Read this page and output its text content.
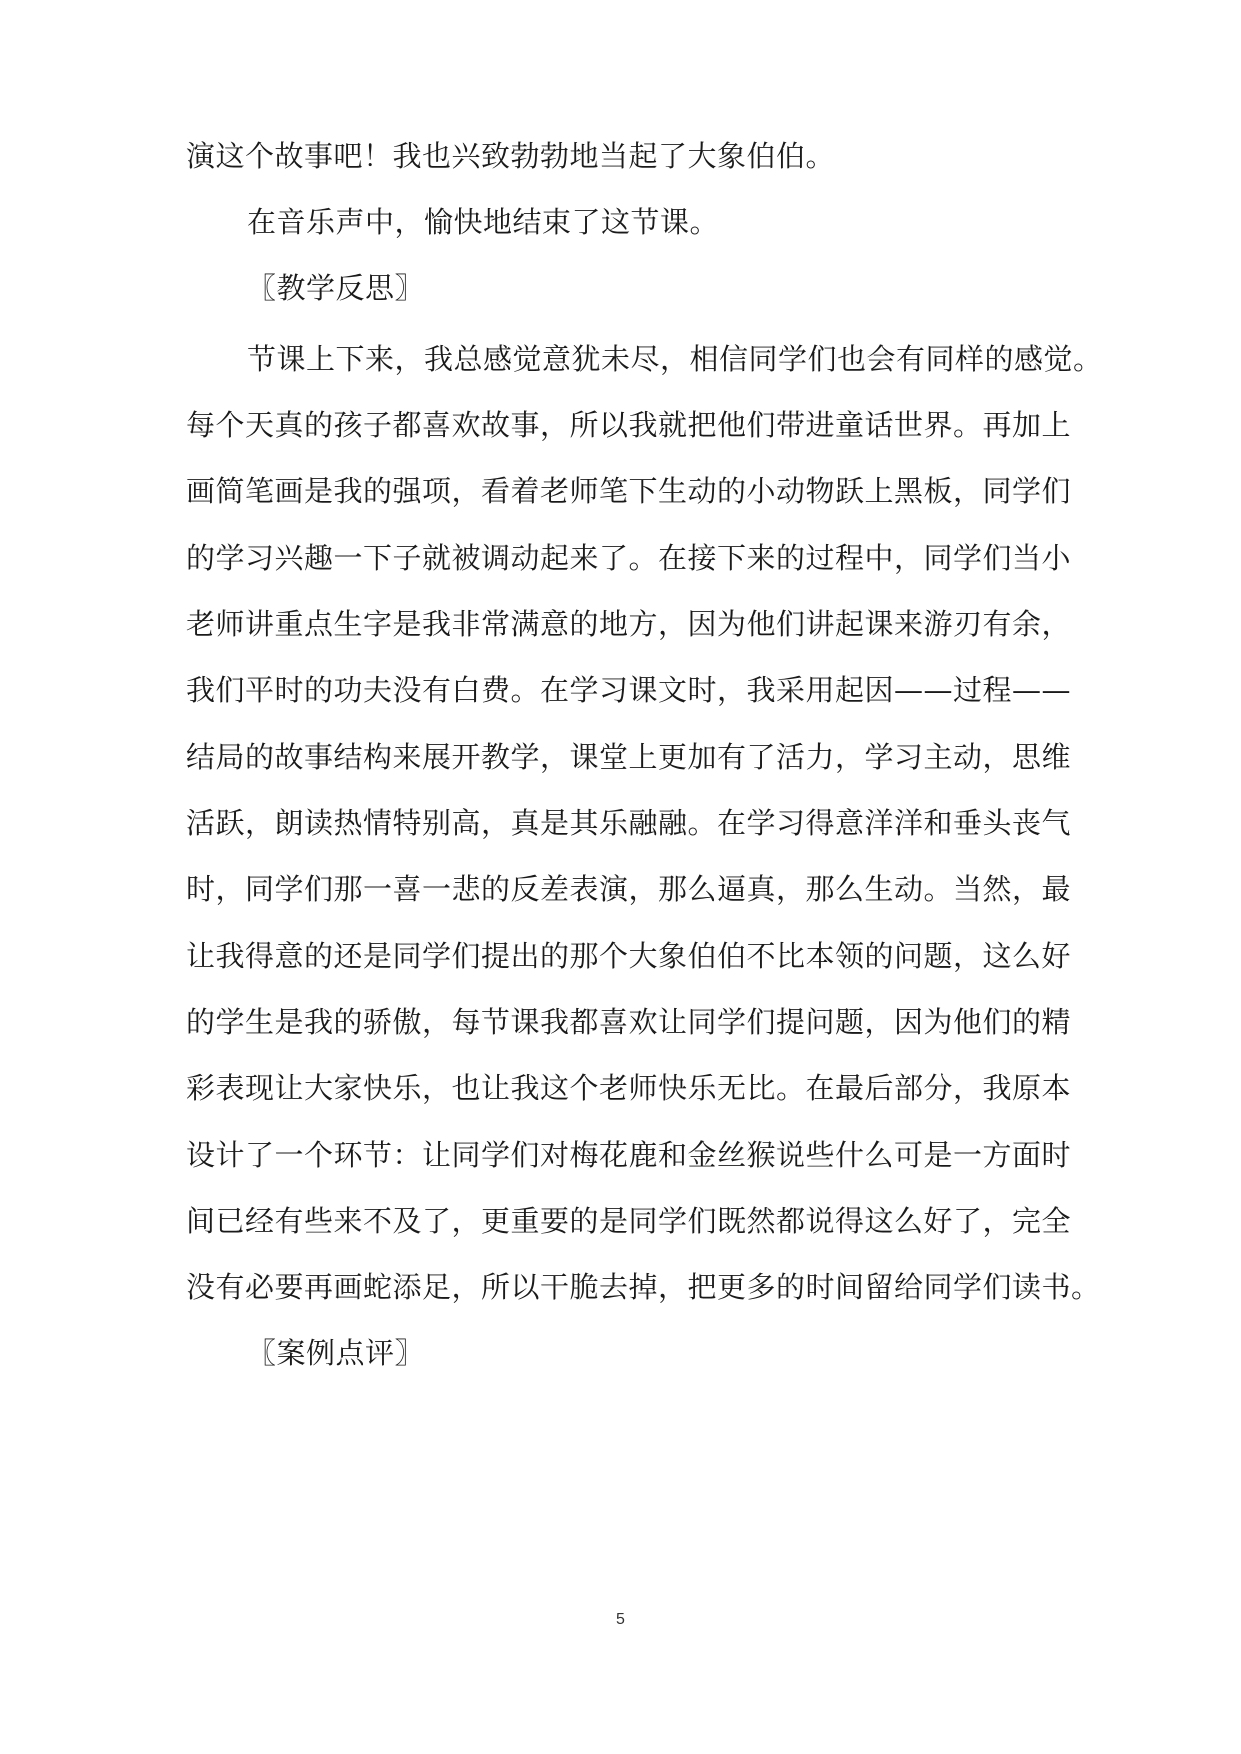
演这个故事吧！我也兴致勃勃地当起了大象伯伯。
在音乐声中，愉快地结束了这节课。
〖教学反思〗
节课上下来，我总感觉意犹未尽，相信同学们也会有同样的感觉。
每个天真的孩子都喜欢故事，所以我就把他们带进童话世界。再加上
画简笔画是我的强项，看着老师笔下生动的小动物跃上黑板，同学们
的学习兴趣一下子就被调动起来了。在接下来的过程中，同学们当小
老师讲重点生字是我非常满意的地方，因为他们讲起课来游刃有余，
我们平时的功夫没有白费。在学习课文时，我采用起因——过程——
结局的故事结构来展开教学，课堂上更加有了活力，学习主动，思维
活跃，朗读热情特别高，真是其乐融融。在学习得意洋洋和垂头丧气
时，同学们那一喜一悲的反差表演，那么逼真，那么生动。当然，最
让我得意的还是同学们提出的那个大象伯伯不比本领的问题，这么好
的学生是我的骄傲，每节课我都喜欢让同学们提问题，因为他们的精
彩表现让大家快乐，也让我这个老师快乐无比。在最后部分，我原本
设计了一个环节：让同学们对梅花鹿和金丝猴说些什么可是一方面时
间已经有些来不及了，更重要的是同学们既然都说得这么好了，完全
没有必要再画蛇添足，所以干脆去掉，把更多的时间留给同学们读书。
〖案例点评〗
5
